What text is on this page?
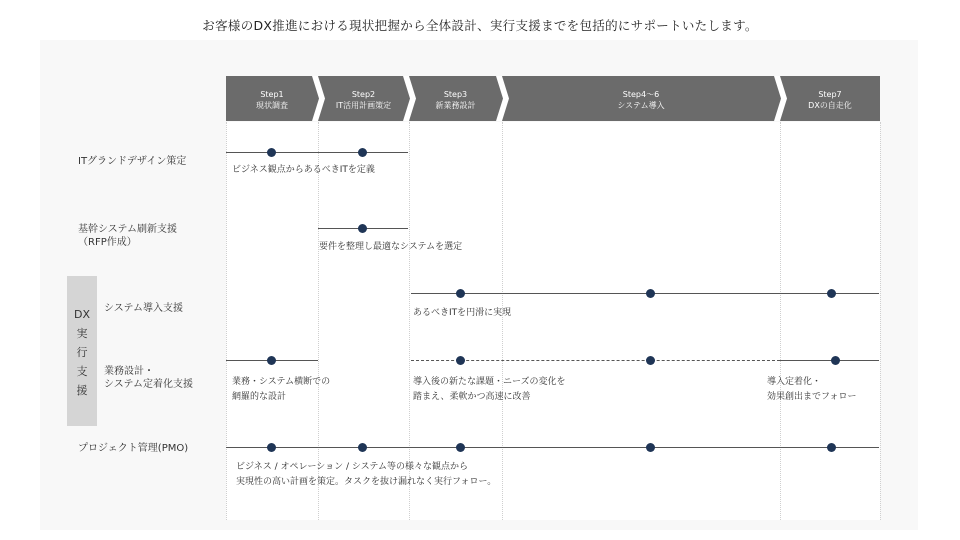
お客様のDX推進における現状把握から全体設計、実行支援までを包括的にサポートいたします。
Step1
現状調査
Step2
IT活用計画策定
Step3
新業務設計
Step4〜6
システム導入
Step7
DXの自走化
ITグランドデザイン策定
基幹システム刷新支援
（RFP作成）
DX
実
行
支
援
システム導入支援
業務設計・
システム定着化支援
プロジェクト管理(PMO)
ビジネス観点からあるべきITを定義
要件を整理し最適なシステムを選定
あるべきITを円滑に実現
業務・システム横断での
網羅的な設計
導入後の新たな課題・ニーズの変化を
踏まえ、柔軟かつ高速に改善
導入定着化・
効果創出までフォロー
ビジネス / オペレーション / システム等の様々な観点から
実現性の高い計画を策定。タスクを抜け漏れなく実行フォロー。
